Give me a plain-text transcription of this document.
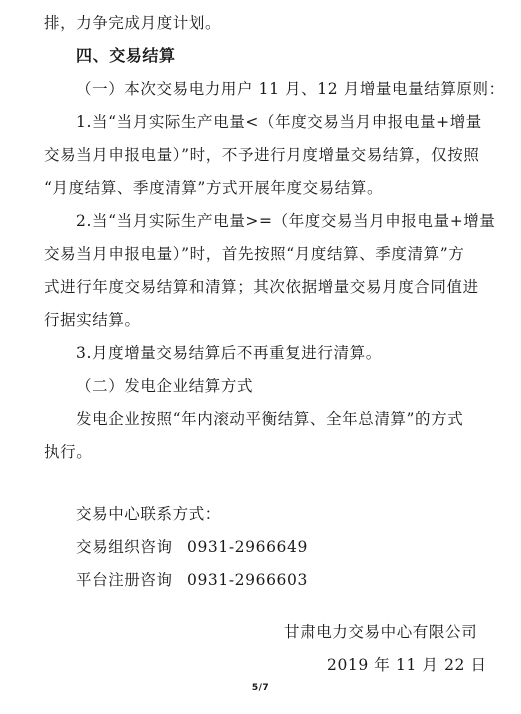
排，力争完成月度计划。
四、交易结算
（一）本次交易电力用户 11 月、12 月增量电量结算原则：
1.当“当月实际生产电量<（年度交易当月申报电量+增量
交易当月申报电量）”时，不予进行月度增量交易结算，仅按照
“月度结算、季度清算”方式开展年度交易结算。
2.当“当月实际生产电量>=（年度交易当月申报电量+增量
交易当月申报电量）”时，首先按照“月度结算、季度清算”方
式进行年度交易结算和清算；其次依据增量交易月度合同值进
行据实结算。
3.月度增量交易结算后不再重复进行清算。
（二）发电企业结算方式
发电企业按照“年内滚动平衡结算、全年总清算”的方式
执行。
交易中心联系方式：
交易组织咨询 0931-2966649
平台注册咨询 0931-2966603
甘肃电力交易中心有限公司
2019 年 11 月 22 日
5/7
